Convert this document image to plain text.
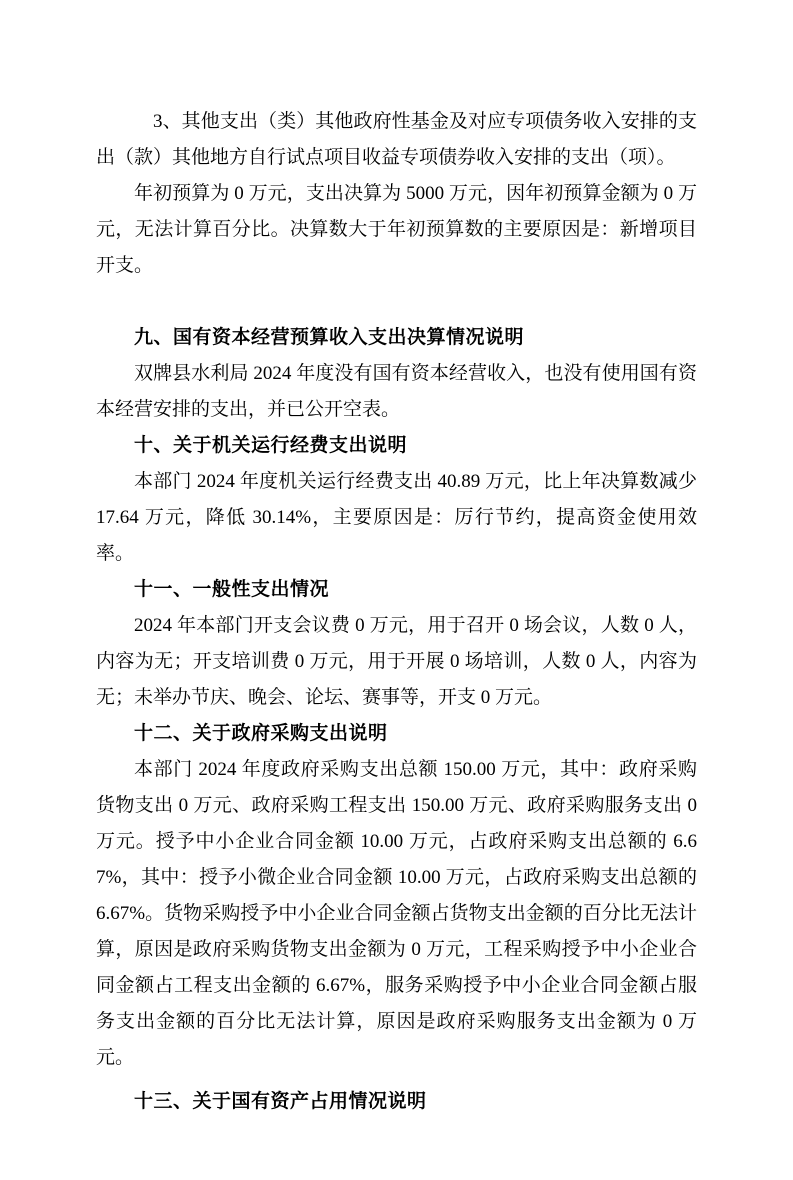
3、其他支出（类）其他政府性基金及对应专项债务收入安排的支出（款）其他地方自行试点项目收益专项债券收入安排的支出（项）。

年初预算为 0 万元，支出决算为 5000 万元，因年初预算金额为 0 万元，无法计算百分比。决算数大于年初预算数的主要原因是：新增项目开支。

九、国有资本经营预算收入支出决算情况说明

双牌县水利局 2024 年度没有国有资本经营收入，也没有使用国有资本经营安排的支出，并已公开空表。

十、关于机关运行经费支出说明

本部门 2024 年度机关运行经费支出 40.89 万元，比上年决算数减少 17.64 万元，降低 30.14%，主要原因是：厉行节约，提高资金使用效率。

十一、一般性支出情况

2024 年本部门开支会议费 0 万元，用于召开 0 场会议，人数 0 人，内容为无；开支培训费 0 万元，用于开展 0 场培训，人数 0 人，内容为无；未举办节庆、晚会、论坛、赛事等，开支 0 万元。

十二、关于政府采购支出说明

本部门 2024 年度政府采购支出总额 150.00 万元，其中：政府采购货物支出 0 万元、政府采购工程支出 150.00 万元、政府采购服务支出 0 万元。授予中小企业合同金额 10.00 万元，占政府采购支出总额的 6.67%，其中：授予小微企业合同金额 10.00 万元，占政府采购支出总额的 6.67%。货物采购授予中小企业合同金额占货物支出金额的百分比无法计算，原因是政府采购货物支出金额为 0 万元，工程采购授予中小企业合同金额占工程支出金额的 6.67%，服务采购授予中小企业合同金额占服务支出金额的百分比无法计算，原因是政府采购服务支出金额为 0 万元。

十三、关于国有资产占用情况说明
